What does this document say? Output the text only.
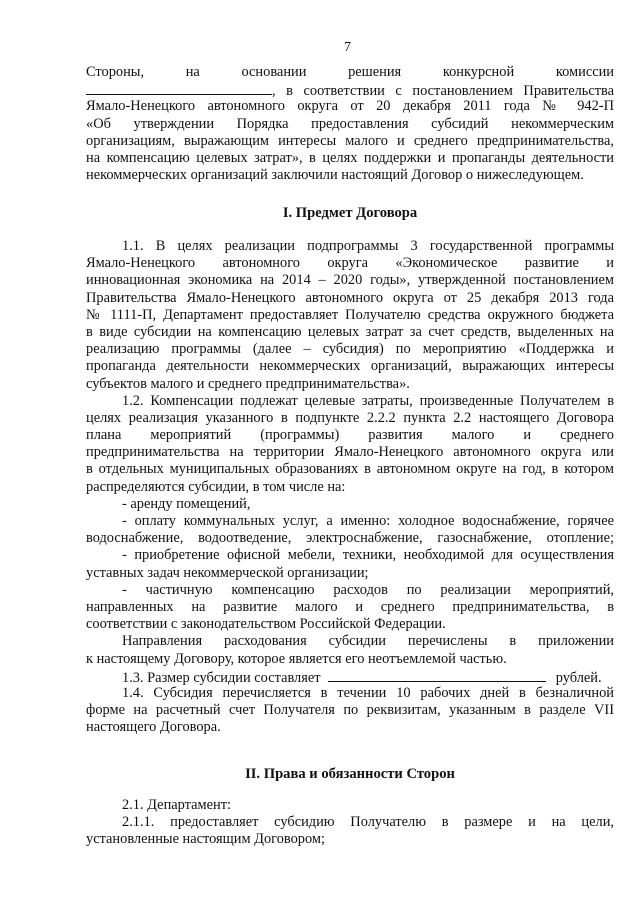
7
Стороны, на основании решения конкурсной комиссии
, в соответствии с постановлением Правительства
Ямало-Ненецкого автономного округа от 20 декабря 2011 года № 942-П
«Об утверждении Порядка предоставления субсидий некоммерческим
организациям, выражающим интересы малого и среднего предпринимательства,
на компенсацию целевых затрат», в целях поддержки и пропаганды деятельности
некоммерческих организаций заключили настоящий Договор о нижеследующем.
I. Предмет Договора
1.1. В целях реализации подпрограммы 3 государственной программы
Ямало-Ненецкого автономного округа «Экономическое развитие и
инновационная экономика на 2014 – 2020 годы», утвержденной постановлением
Правительства Ямало-Ненецкого автономного округа от 25 декабря 2013 года
№ 1111-П, Департамент предоставляет Получателю средства окружного бюджета
в виде субсидии на компенсацию целевых затрат за счет средств, выделенных на
реализацию программы (далее – субсидия) по мероприятию «Поддержка и
пропаганда деятельности некоммерческих организаций, выражающих интересы
субъектов малого и среднего предпринимательства».
1.2. Компенсации подлежат целевые затраты, произведенные Получателем в
целях реализация указанного в подпункте 2.2.2 пункта 2.2 настоящего Договора
плана мероприятий (программы) развития малого и среднего
предпринимательства на территории Ямало-Ненецкого автономного округа или
в отдельных муниципальных образованиях в автономном округе на год, в котором
распределяются субсидии, в том числе на:
- аренду помещений,
- оплату коммунальных услуг, а именно: холодное водоснабжение, горячее
водоснабжение, водоотведение, электроснабжение, газоснабжение, отопление;
- приобретение офисной мебели, техники, необходимой для осуществления
уставных задач некоммерческой организации;
- частичную компенсацию расходов по реализации мероприятий,
направленных на развитие малого и среднего предпринимательства, в
соответствии с законодательством Российской Федерации.
Направления расходования субсидии перечислены в приложении
к настоящему Договору, которое является его неотъемлемой частью.
1.3. Размер субсидии составляет	рублей.
1.4. Субсидия перечисляется в течении 10 рабочих дней в безналичной
форме на расчетный счет Получателя по реквизитам, указанным в разделе VII
настоящего Договора.
II. Права и обязанности Сторон
2.1. Департамент:
2.1.1. предоставляет субсидию Получателю в размере и на цели,
установленные настоящим Договором;
